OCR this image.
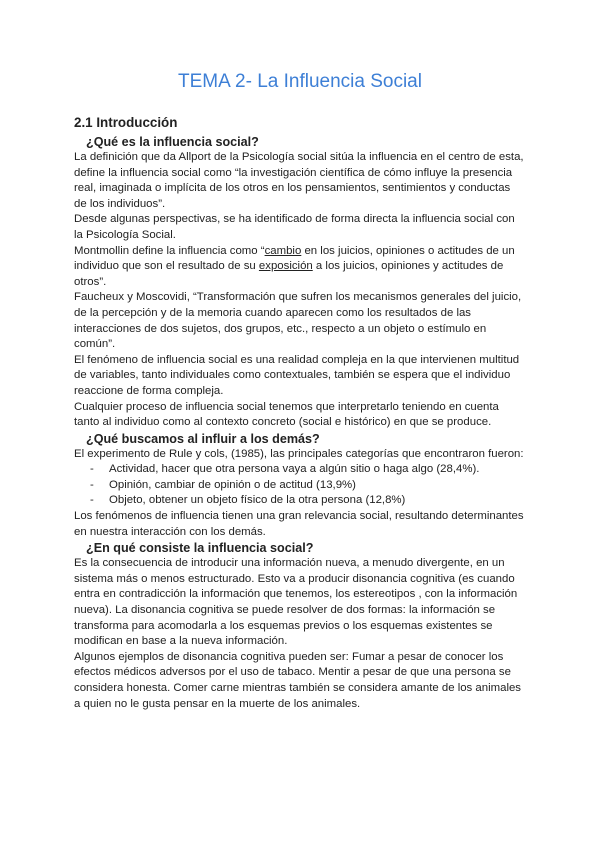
TEMA 2- La Influencia Social
2.1 Introducción
¿Qué es la influencia social?

La definición que da Allport de la Psicología social sitúa la influencia en el centro de esta, define la influencia social como “la investigación científica de cómo influye la presencia real, imaginada o implícita de los otros en los pensamientos, sentimientos y conductas de los individuos”.

Desde algunas perspectivas, se ha identificado de forma directa la influencia social con la Psicología Social.

Montmollin define la influencia como “cambio en los juicios, opiniones o actitudes de un individuo que son el resultado de su exposición a los juicios, opiniones y actitudes de otros”.

Faucheux y Moscovidi, “Transformación que sufren los mecanismos generales del juicio, de la percepción y de la memoria cuando aparecen como los resultados de las interacciones de dos sujetos, dos grupos, etc., respecto a un objeto o estímulo en común”.

El fenómeno de influencia social es una realidad compleja en la que intervienen multitud de variables, tanto individuales como contextuales, también se espera que el individuo reaccione de forma compleja.

Cualquier proceso de influencia social tenemos que interpretarlo teniendo en cuenta tanto al individuo como al contexto concreto (social e histórico) en que se produce.

¿Qué buscamos al influir a los demás?

El experimento de Rule y cols, (1985), las principales categorías que encontraron fueron:

- Actividad, hacer que otra persona vaya a algún sitio o haga algo (28,4%).
- Opinión, cambiar de opinión o de actitud (13,9%)
- Objeto, obtener un objeto físico de la otra persona (12,8%)

Los fenómenos de influencia tienen una gran relevancia social, resultando determinantes en nuestra interacción con los demás.

¿En qué consiste la influencia social?

Es la consecuencia de introducir una información nueva, a menudo divergente, en un sistema más o menos estructurado. Esto va a producir disonancia cognitiva (es cuando entra en contradicción la información que tenemos, los estereotipos , con la información nueva). La disonancia cognitiva se puede resolver de dos formas: la información se transforma para acomodarla a los esquemas previos o los esquemas existentes se modifican en base a la nueva información.

Algunos ejemplos de disonancia cognitiva pueden ser: Fumar a pesar de conocer los efectos médicos adversos por el uso de tabaco. Mentir a pesar de que una persona se considera honesta. Comer carne mientras también se considera amante de los animales a quien no le gusta pensar en la muerte de los animales.
